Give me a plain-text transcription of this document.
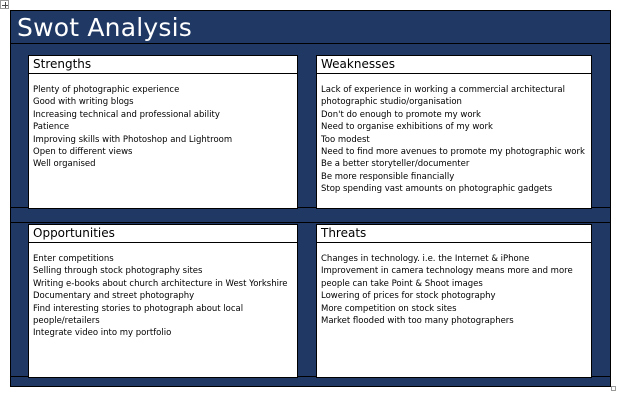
Swot Analysis
Strengths
Plenty of photographic experience
Good with writing blogs
Increasing technical and professional ability
Patience
Improving skills with Photoshop and Lightroom
Open to different views
Well organised
Weaknesses
Lack of experience in working a commercial architectural
photographic studio/organisation
Don't do enough to promote my work
Need to organise exhibitions of my work
Too modest
Need to find more avenues to promote my photographic work
Be a better storyteller/documenter
Be more responsible financially
Stop spending vast amounts on photographic gadgets
Opportunities
Enter competitions
Selling through stock photography sites
Writing e-books about church architecture in West Yorkshire
Documentary and street photography
Find interesting stories to photograph about local
people/retailers
Integrate video into my portfolio
Threats
Changes in technology. i.e. the Internet & iPhone
Improvement in camera technology means more and more
people can take Point & Shoot images
Lowering of prices for stock photography
More competition on stock sites
Market flooded with too many photographers
